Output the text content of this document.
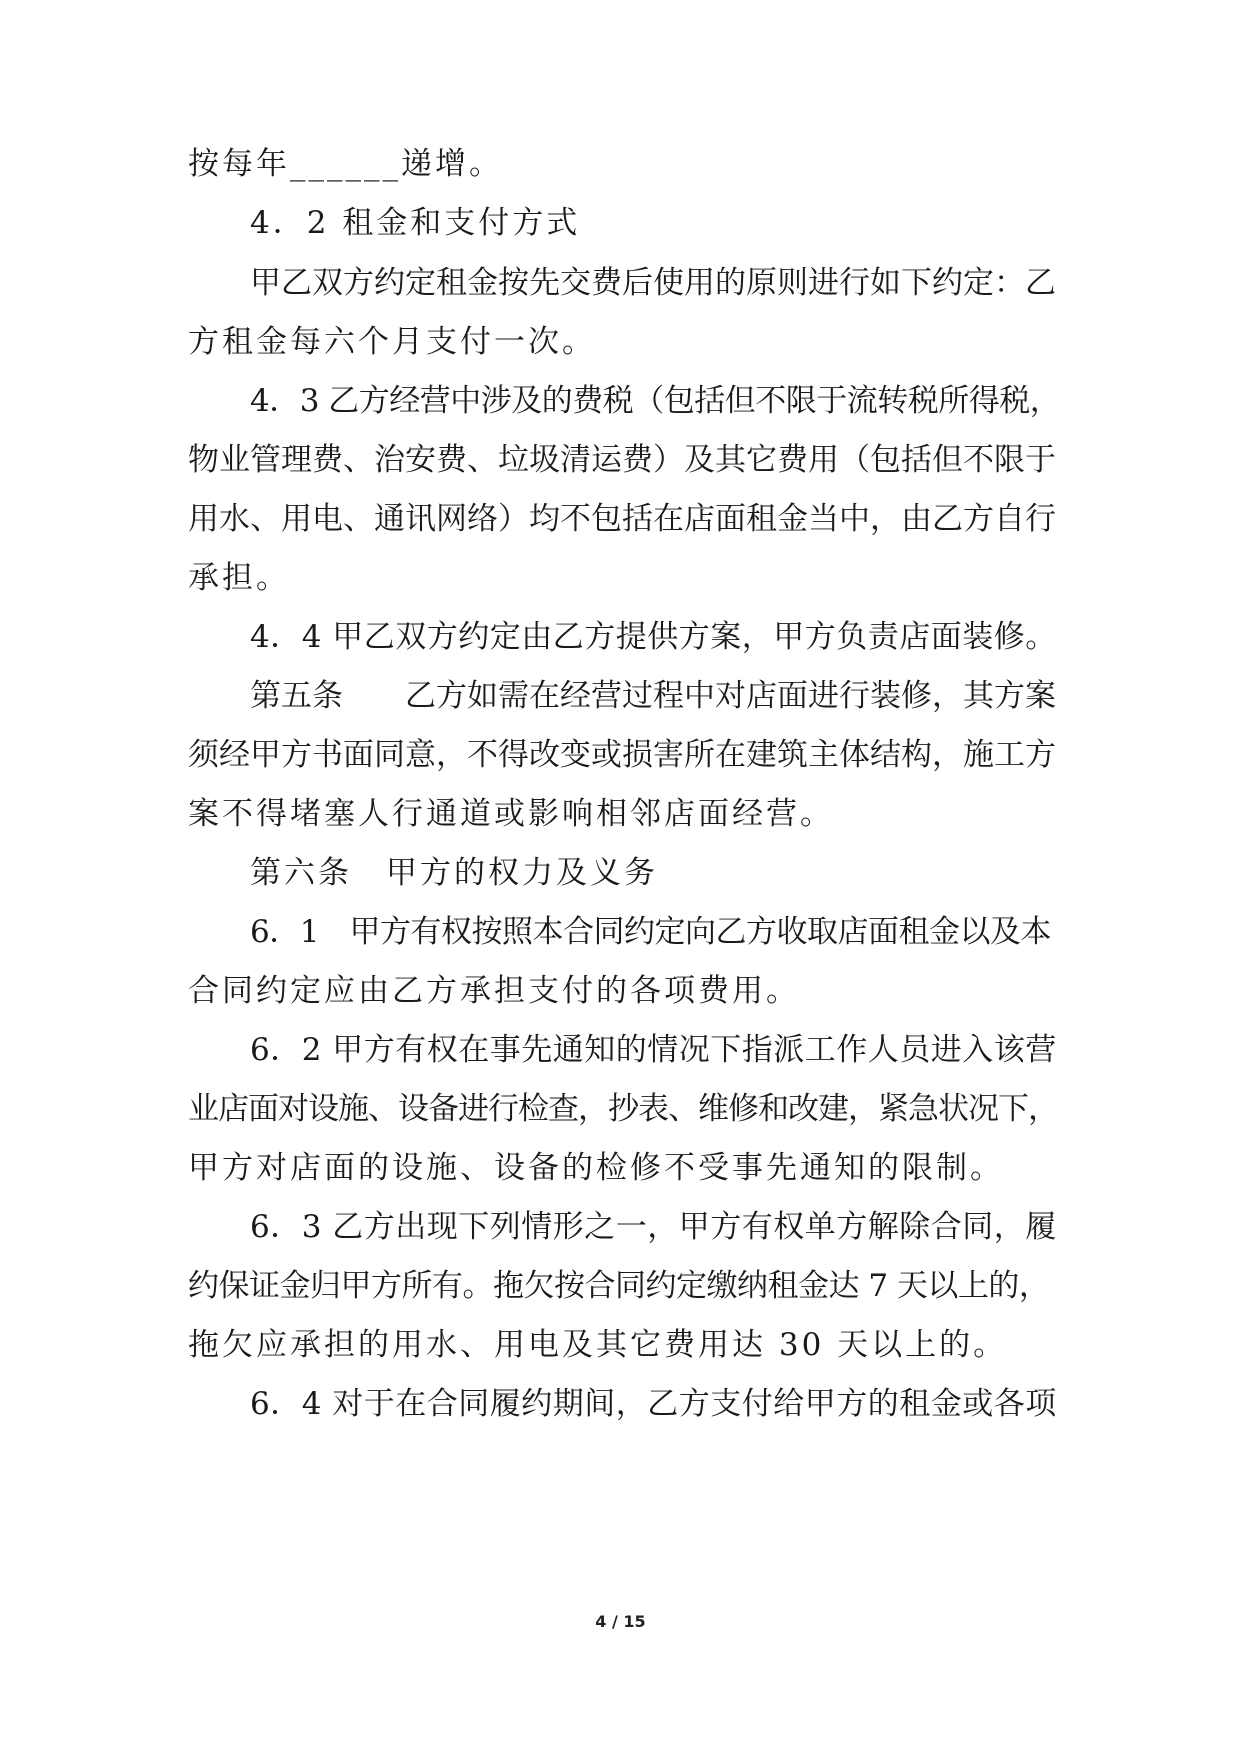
按每年______递增。
4．2 租金和支付方式
甲乙双方约定租金按先交费后使用的原则进行如下约定：乙
方租金每六个月支付一次。
4．3 乙方经营中涉及的费税（包括但不限于流转税所得税，
物业管理费、治安费、垃圾清运费）及其它费用（包括但不限于
用水、用电、通讯网络）均不包括在店面租金当中，由乙方自行
承担。
4．4 甲乙双方约定由乙方提供方案，甲方负责店面装修。
第五条　　乙方如需在经营过程中对店面进行装修，其方案
须经甲方书面同意，不得改变或损害所在建筑主体结构，施工方
案不得堵塞人行通道或影响相邻店面经营。
第六条　甲方的权力及义务
6．1　甲方有权按照本合同约定向乙方收取店面租金以及本
合同约定应由乙方承担支付的各项费用。
6．2 甲方有权在事先通知的情况下指派工作人员进入该营
业店面对设施、设备进行检查，抄表、维修和改建，紧急状况下，
甲方对店面的设施、设备的检修不受事先通知的限制。
6．3 乙方出现下列情形之一，甲方有权单方解除合同，履
约保证金归甲方所有。拖欠按合同约定缴纳租金达 7 天以上的，
拖欠应承担的用水、用电及其它费用达 30 天以上的。
6．4 对于在合同履约期间，乙方支付给甲方的租金或各项
4 / 15
